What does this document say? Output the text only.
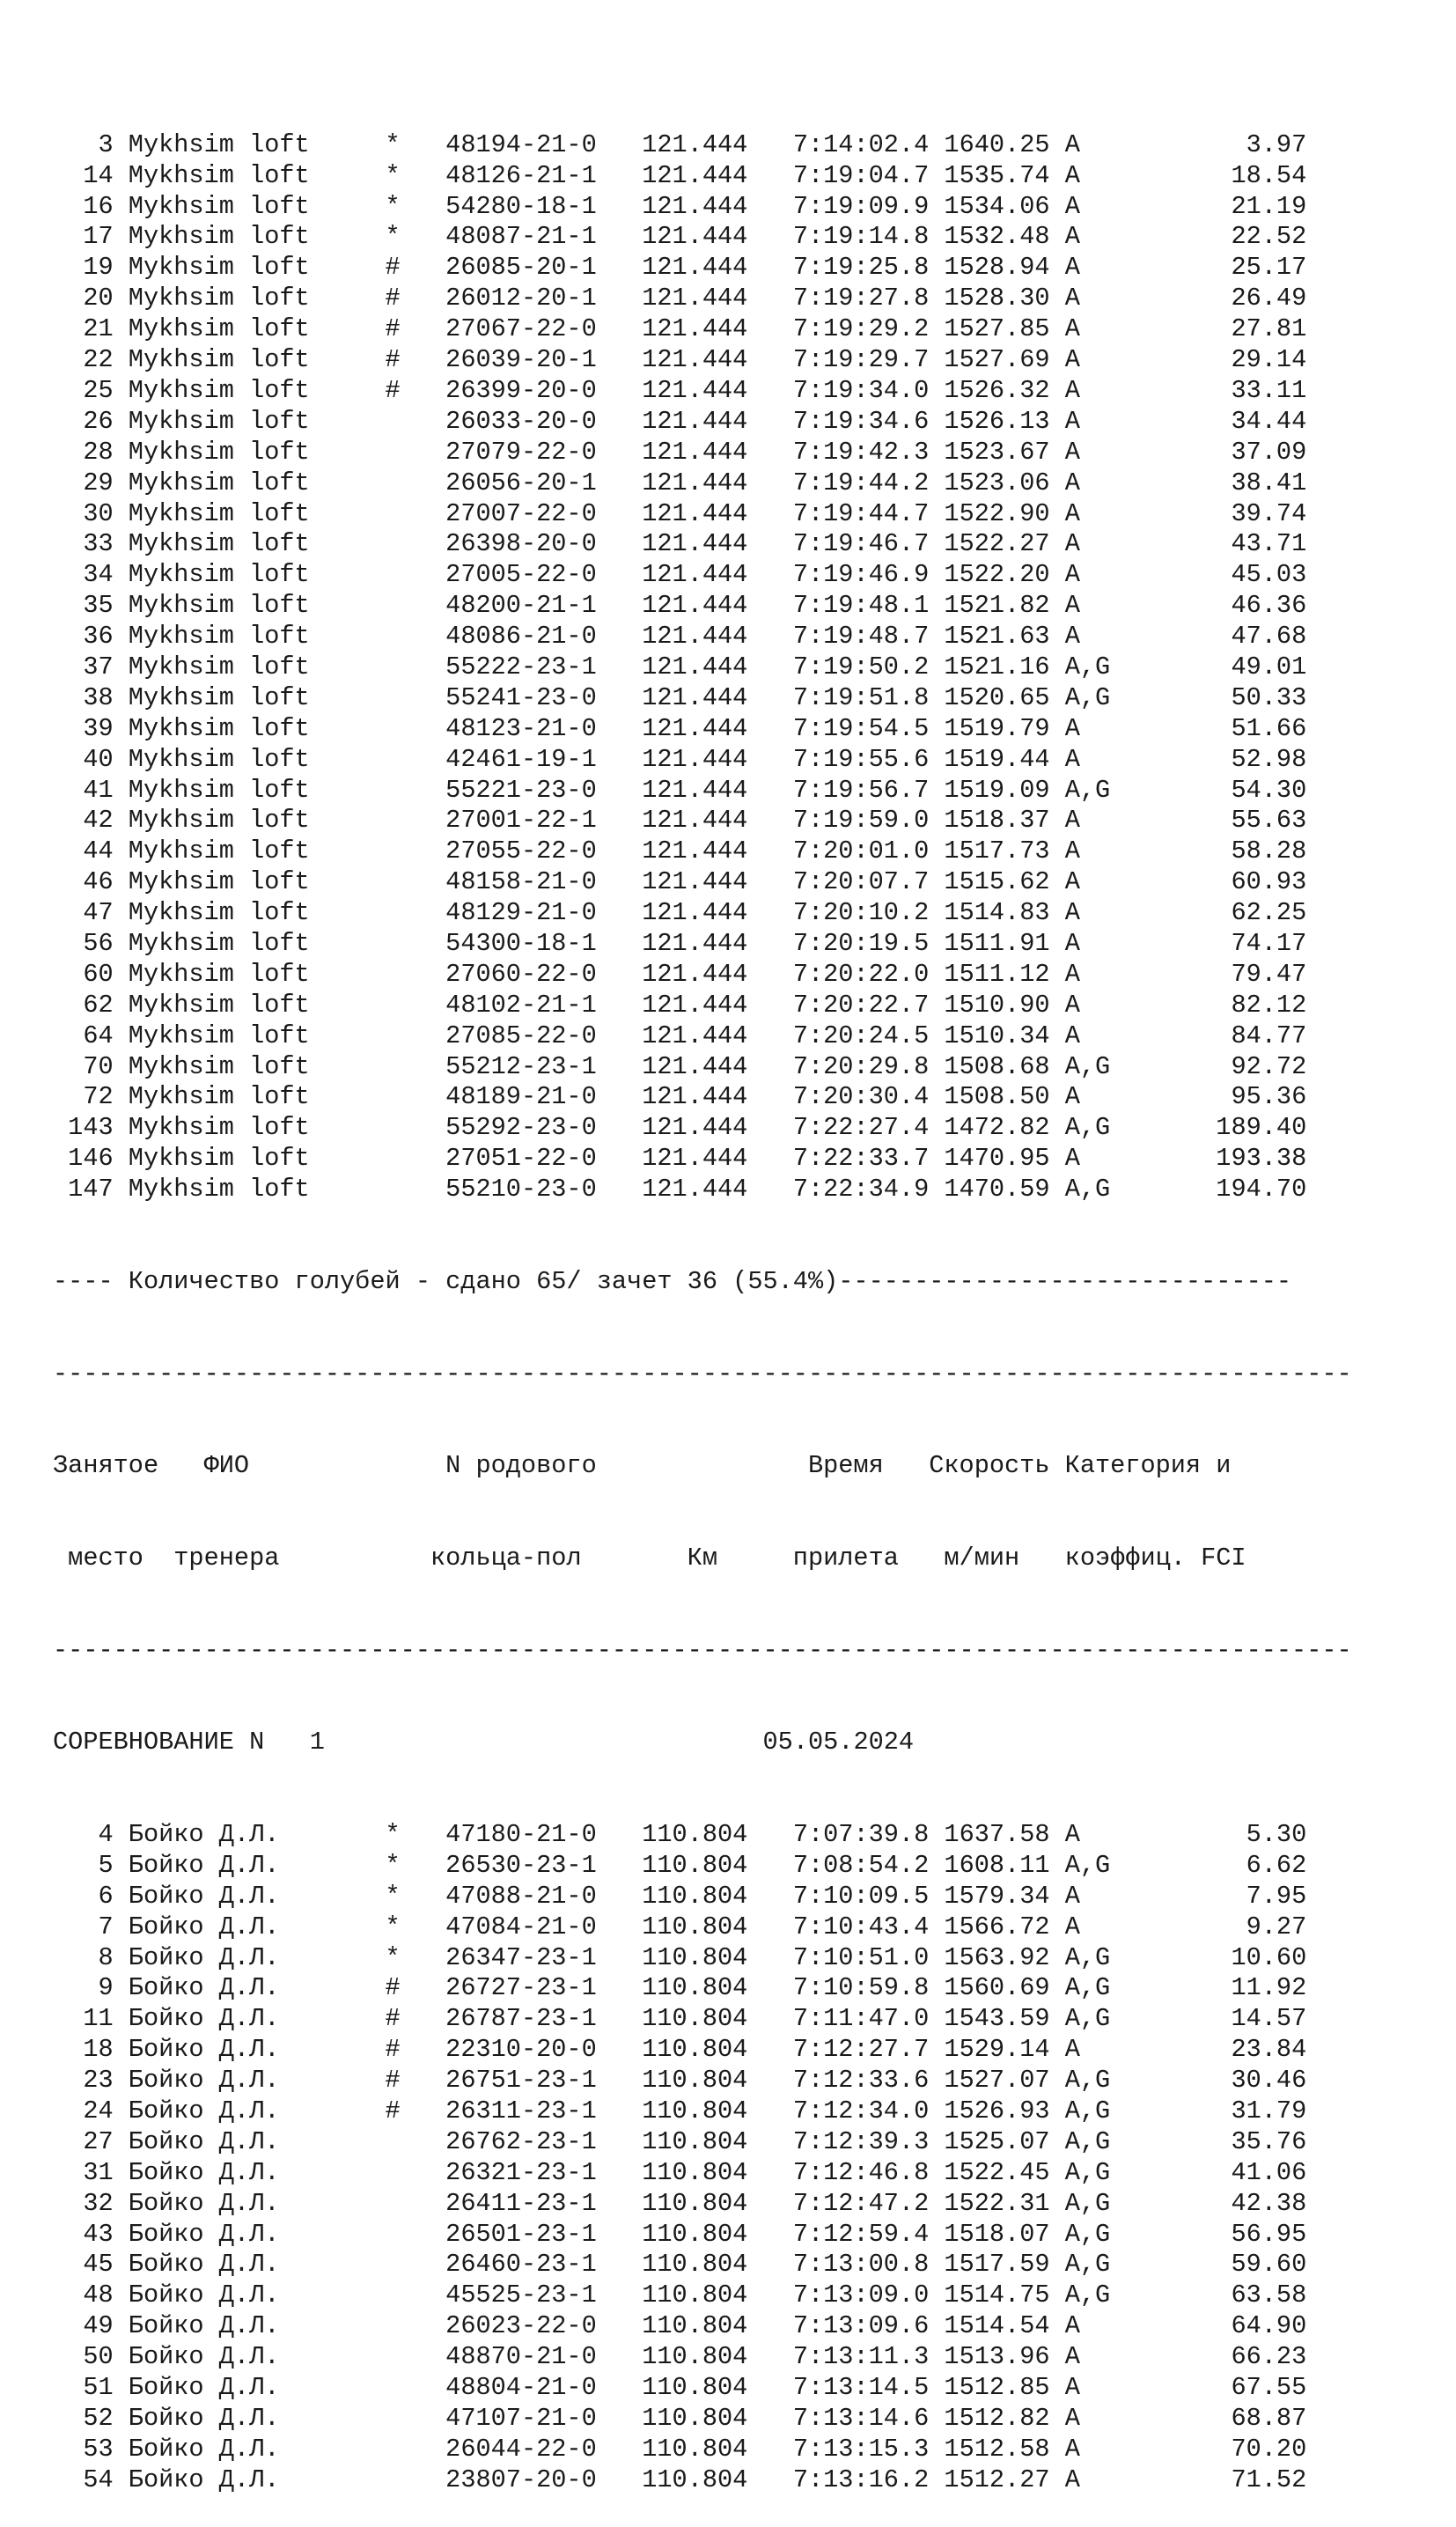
3 Mykhsim loft     *   48194-21-0   121.444   7:14:02.4 1640.25 A           3.97
14 Mykhsim loft     *   48126-21-1   121.444   7:19:04.7 1535.74 A          18.54
16 Mykhsim loft     *   54280-18-1   121.444   7:19:09.9 1534.06 A          21.19
17 Mykhsim loft     *   48087-21-1   121.444   7:19:14.8 1532.48 A          22.52
19 Mykhsim loft     #   26085-20-1   121.444   7:19:25.8 1528.94 A          25.17
20 Mykhsim loft     #   26012-20-1   121.444   7:19:27.8 1528.30 A          26.49
21 Mykhsim loft     #   27067-22-0   121.444   7:19:29.2 1527.85 A          27.81
22 Mykhsim loft     #   26039-20-1   121.444   7:19:29.7 1527.69 A          29.14
25 Mykhsim loft     #   26399-20-0   121.444   7:19:34.0 1526.32 A          33.11
26 Mykhsim loft         26033-20-0   121.444   7:19:34.6 1526.13 A          34.44
28 Mykhsim loft         27079-22-0   121.444   7:19:42.3 1523.67 A          37.09
29 Mykhsim loft         26056-20-1   121.444   7:19:44.2 1523.06 A          38.41
30 Mykhsim loft         27007-22-0   121.444   7:19:44.7 1522.90 A          39.74
33 Mykhsim loft         26398-20-0   121.444   7:19:46.7 1522.27 A          43.71
34 Mykhsim loft         27005-22-0   121.444   7:19:46.9 1522.20 A          45.03
35 Mykhsim loft         48200-21-1   121.444   7:19:48.1 1521.82 A          46.36
36 Mykhsim loft         48086-21-0   121.444   7:19:48.7 1521.63 A          47.68
37 Mykhsim loft         55222-23-1   121.444   7:19:50.2 1521.16 A,G        49.01
38 Mykhsim loft         55241-23-0   121.444   7:19:51.8 1520.65 A,G        50.33
39 Mykhsim loft         48123-21-0   121.444   7:19:54.5 1519.79 A          51.66
40 Mykhsim loft         42461-19-1   121.444   7:19:55.6 1519.44 A          52.98
41 Mykhsim loft         55221-23-0   121.444   7:19:56.7 1519.09 A,G        54.30
42 Mykhsim loft         27001-22-1   121.444   7:19:59.0 1518.37 A          55.63
44 Mykhsim loft         27055-22-0   121.444   7:20:01.0 1517.73 A          58.28
46 Mykhsim loft         48158-21-0   121.444   7:20:07.7 1515.62 A          60.93
47 Mykhsim loft         48129-21-0   121.444   7:20:10.2 1514.83 A          62.25
56 Mykhsim loft         54300-18-1   121.444   7:20:19.5 1511.91 A          74.17
60 Mykhsim loft         27060-22-0   121.444   7:20:22.0 1511.12 A          79.47
62 Mykhsim loft         48102-21-1   121.444   7:20:22.7 1510.90 A          82.12
64 Mykhsim loft         27085-22-0   121.444   7:20:24.5 1510.34 A          84.77
70 Mykhsim loft         55212-23-1   121.444   7:20:29.8 1508.68 A,G        92.72
72 Mykhsim loft         48189-21-0   121.444   7:20:30.4 1508.50 A          95.36
143 Mykhsim loft         55292-23-0   121.444   7:22:27.4 1472.82 A,G       189.40
146 Mykhsim loft         27051-22-0   121.444   7:22:33.7 1470.95 A         193.38
147 Mykhsim loft         55210-23-0   121.444   7:22:34.9 1470.59 A,G       194.70

---- Количество голубей - сдано 65/ зачет 36 (55.4%)------------------------------

--------------------------------------------------------------------------------------

Занятое   ФИО             N родового              Время   Скорость Категория и

место  тренера          кольца-пол       Км     прилета   м/мин   коэффиц. FCI

--------------------------------------------------------------------------------------

СОРЕВНОВАНИЕ N   1	05.05.2024

4 Бойко Д.Л.       *   47180-21-0   110.804   7:07:39.8 1637.58 A           5.30
5 Бойко Д.Л.       *   26530-23-1   110.804   7:08:54.2 1608.11 A,G         6.62
6 Бойко Д.Л.       *   47088-21-0   110.804   7:10:09.5 1579.34 A           7.95
7 Бойко Д.Л.       *   47084-21-0   110.804   7:10:43.4 1566.72 A           9.27
8 Бойко Д.Л.       *   26347-23-1   110.804   7:10:51.0 1563.92 A,G        10.60
9 Бойко Д.Л.       #   26727-23-1   110.804   7:10:59.8 1560.69 A,G        11.92
11 Бойко Д.Л.       #   26787-23-1   110.804   7:11:47.0 1543.59 A,G        14.57
18 Бойко Д.Л.       #   22310-20-0   110.804   7:12:27.7 1529.14 A          23.84
23 Бойко Д.Л.       #   26751-23-1   110.804   7:12:33.6 1527.07 A,G        30.46
24 Бойко Д.Л.       #   26311-23-1   110.804   7:12:34.0 1526.93 A,G        31.79
27 Бойко Д.Л.           26762-23-1   110.804   7:12:39.3 1525.07 A,G        35.76
31 Бойко Д.Л.           26321-23-1   110.804   7:12:46.8 1522.45 A,G        41.06
32 Бойко Д.Л.           26411-23-1   110.804   7:12:47.2 1522.31 A,G        42.38
43 Бойко Д.Л.           26501-23-1   110.804   7:12:59.4 1518.07 A,G        56.95
45 Бойко Д.Л.           26460-23-1   110.804   7:13:00.8 1517.59 A,G        59.60
48 Бойко Д.Л.           45525-23-1   110.804   7:13:09.0 1514.75 A,G        63.58
49 Бойко Д.Л.           26023-22-0   110.804   7:13:09.6 1514.54 A          64.90
50 Бойко Д.Л.           48870-21-0   110.804   7:13:11.3 1513.96 A          66.23
51 Бойко Д.Л.           48804-21-0   110.804   7:13:14.5 1512.85 A          67.55
52 Бойко Д.Л.           47107-21-0   110.804   7:13:14.6 1512.82 A          68.87
53 Бойко Д.Л.           26044-22-0   110.804   7:13:15.3 1512.58 A          70.20
54 Бойко Д.Л.           23807-20-0   110.804   7:13:16.2 1512.27 A          71.52
